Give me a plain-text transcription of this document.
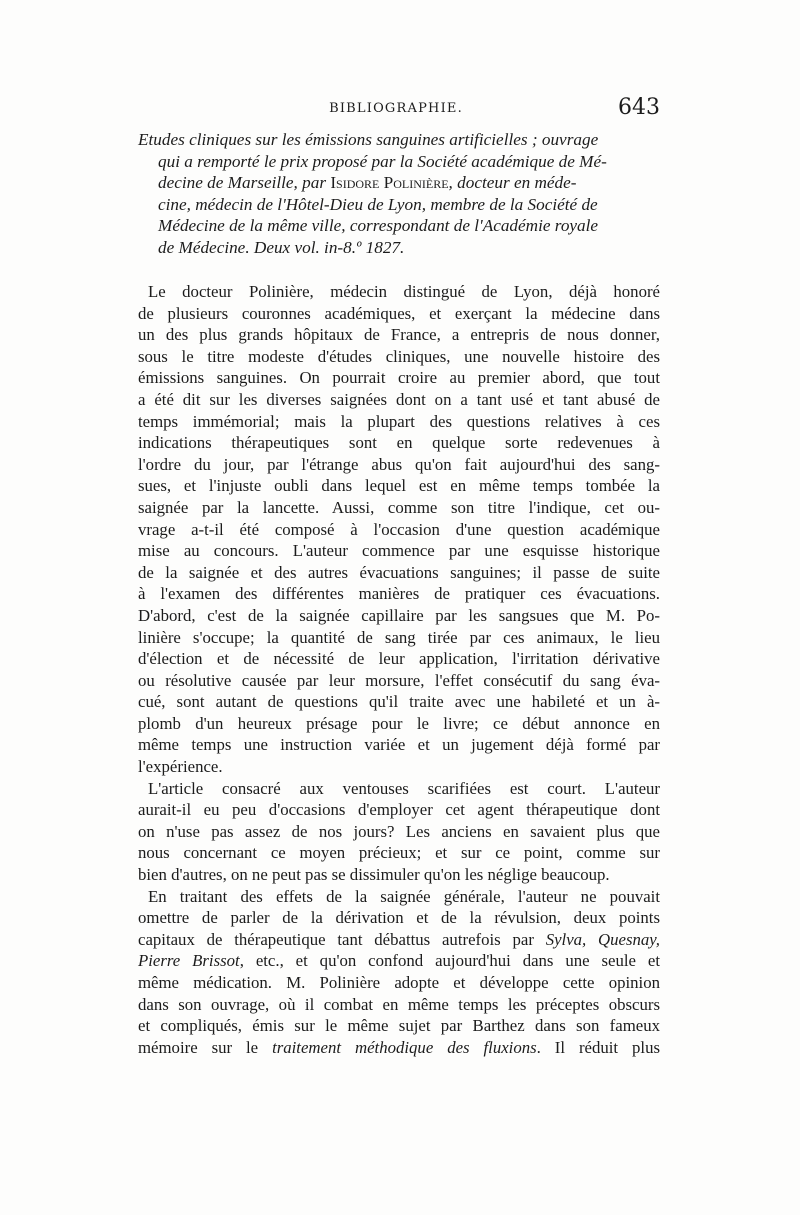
BIBLIOGRAPHIE.	643
Etudes cliniques sur les émissions sanguines artificielles ; ouvrage
qui a remporté le prix proposé par la Société académique de Mé-
decine de Marseille, par Isidore Polinière, docteur en méde-
cine, médecin de l'Hôtel-Dieu de Lyon, membre de la Société de
Médecine de la même ville, correspondant de l'Académie royale
de Médecine. Deux vol. in-8.º 1827.

Le docteur Polinière, médecin distingué de Lyon, déjà honoré
de plusieurs couronnes académiques, et exerçant la médecine dans
un des plus grands hôpitaux de France, a entrepris de nous donner,
sous le titre modeste d'études cliniques, une nouvelle histoire des
émissions sanguines. On pourrait croire au premier abord, que tout
a été dit sur les diverses saignées dont on a tant usé et tant abusé de
temps immémorial; mais la plupart des questions relatives à ces
indications thérapeutiques sont en quelque sorte redevenues à
l'ordre du jour, par l'étrange abus qu'on fait aujourd'hui des sang-
sues, et l'injuste oubli dans lequel est en même temps tombée la
saignée par la lancette. Aussi, comme son titre l'indique, cet ou-
vrage a-t-il été composé à l'occasion d'une question académique
mise au concours. L'auteur commence par une esquisse historique
de la saignée et des autres évacuations sanguines; il passe de suite
à l'examen des différentes manières de pratiquer ces évacuations.
D'abord, c'est de la saignée capillaire par les sangsues que M. Po-
linière s'occupe; la quantité de sang tirée par ces animaux, le lieu
d'élection et de nécessité de leur application, l'irritation dérivative
ou résolutive causée par leur morsure, l'effet consécutif du sang éva-
cué, sont autant de questions qu'il traite avec une habileté et un à-
plomb d'un heureux présage pour le livre; ce début annonce en
même temps une instruction variée et un jugement déjà formé par
l'expérience.

L'article consacré aux ventouses scarifiées est court. L'auteur
aurait-il eu peu d'occasions d'employer cet agent thérapeutique dont
on n'use pas assez de nos jours? Les anciens en savaient plus que
nous concernant ce moyen précieux; et sur ce point, comme sur
bien d'autres, on ne peut pas se dissimuler qu'on les néglige beaucoup.

En traitant des effets de la saignée générale, l'auteur ne pouvait
omettre de parler de la dérivation et de la révulsion, deux points
capitaux de thérapeutique tant débattus autrefois par Sylva, Quesnay,
Pierre Brissot, etc., et qu'on confond aujourd'hui dans une seule et
même médication. M. Polinière adopte et développe cette opinion
dans son ouvrage, où il combat en même temps les préceptes obscurs
et compliqués, émis sur le même sujet par Barthez dans son fameux
mémoire sur le traitement méthodique des fluxions. Il réduit plus
